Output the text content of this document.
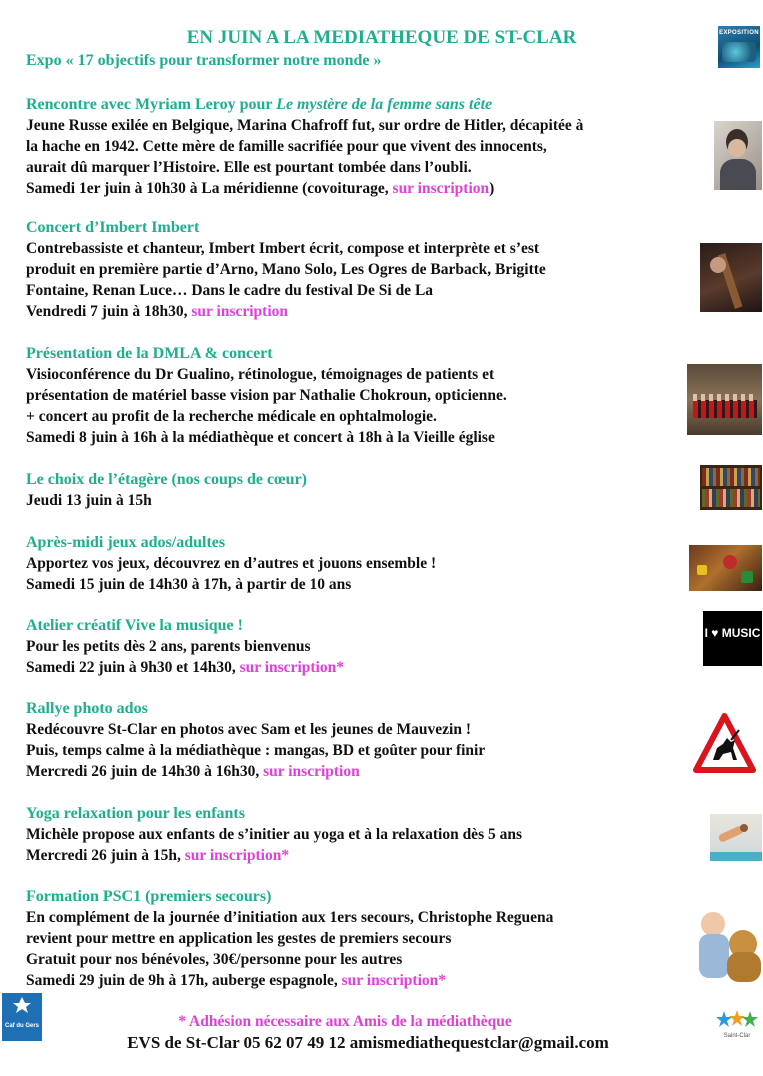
EN JUIN A LA MEDIATHEQUE DE ST-CLAR

Expo « 17 objectifs pour transformer notre monde »

EXPOSITION
Rencontre avec Myriam Leroy pour Le mystère de la femme sans tête
Jeune Russe exilée en Belgique, Marina Chafroff fut, sur ordre de Hitler, décapitée à
la hache en 1942. Cette mère de famille sacrifiée pour que vivent des innocents,
aurait dû marquer l’Histoire. Elle est pourtant tombée dans l’oubli.
Samedi 1er juin à 10h30 à La méridienne (covoiturage, sur inscription)
Concert d’Imbert Imbert
Contrebassiste et chanteur, Imbert Imbert écrit, compose et interprète et s’est
produit en première partie d’Arno, Mano Solo, Les Ogres de Barback, Brigitte
Fontaine, Renan Luce… Dans le cadre du festival De Si de La
Vendredi 7 juin à 18h30, sur inscription
Présentation de la DMLA & concert
Visioconférence du Dr Gualino, rétinologue, témoignages de patients et
présentation de matériel basse vision par Nathalie Chokroun, opticienne.
+ concert au profit de la recherche médicale en ophtalmologie.
Samedi 8 juin à 16h à la médiathèque et concert à 18h à la Vieille église
Le choix de l’étagère (nos coups de cœur)
Jeudi 13 juin à 15h
Après-midi jeux ados/adultes
Apportez vos jeux, découvrez en d’autres et jouons ensemble !
Samedi 15 juin de 14h30 à 17h, à partir de 10 ans
Atelier créatif Vive la musique !
Pour les petits dès 2 ans, parents bienvenus
Samedi 22 juin à 9h30 et 14h30, sur inscription*
I ♥ MUSIC
Rallye photo ados
Redécouvre St-Clar en photos avec Sam et les jeunes de Mauvezin !
Puis, temps calme à la médiathèque : mangas, BD et goûter pour finir
Mercredi 26 juin de 14h30 à 16h30, sur inscription
Yoga relaxation pour les enfants
Michèle propose aux enfants de s’initier au yoga et à la relaxation dès 5 ans
Mercredi 26 juin à 15h, sur inscription*
Formation PSC1 (premiers secours)
En complément de la journée d’initiation aux 1ers secours, Christophe Reguena
revient pour mettre en application les gestes de premiers secours
Gratuit pour nos bénévoles, 30€/personne pour les autres
Samedi 29 juin de 9h à 17h, auberge espagnole, sur inscription*
Caf du Gers	* Adhésion nécessaire aux Amis de la médiathèque
EVS de St-Clar 05 62 07 49 12 amismediathequestclar@gmail.com	Saint-Clar
